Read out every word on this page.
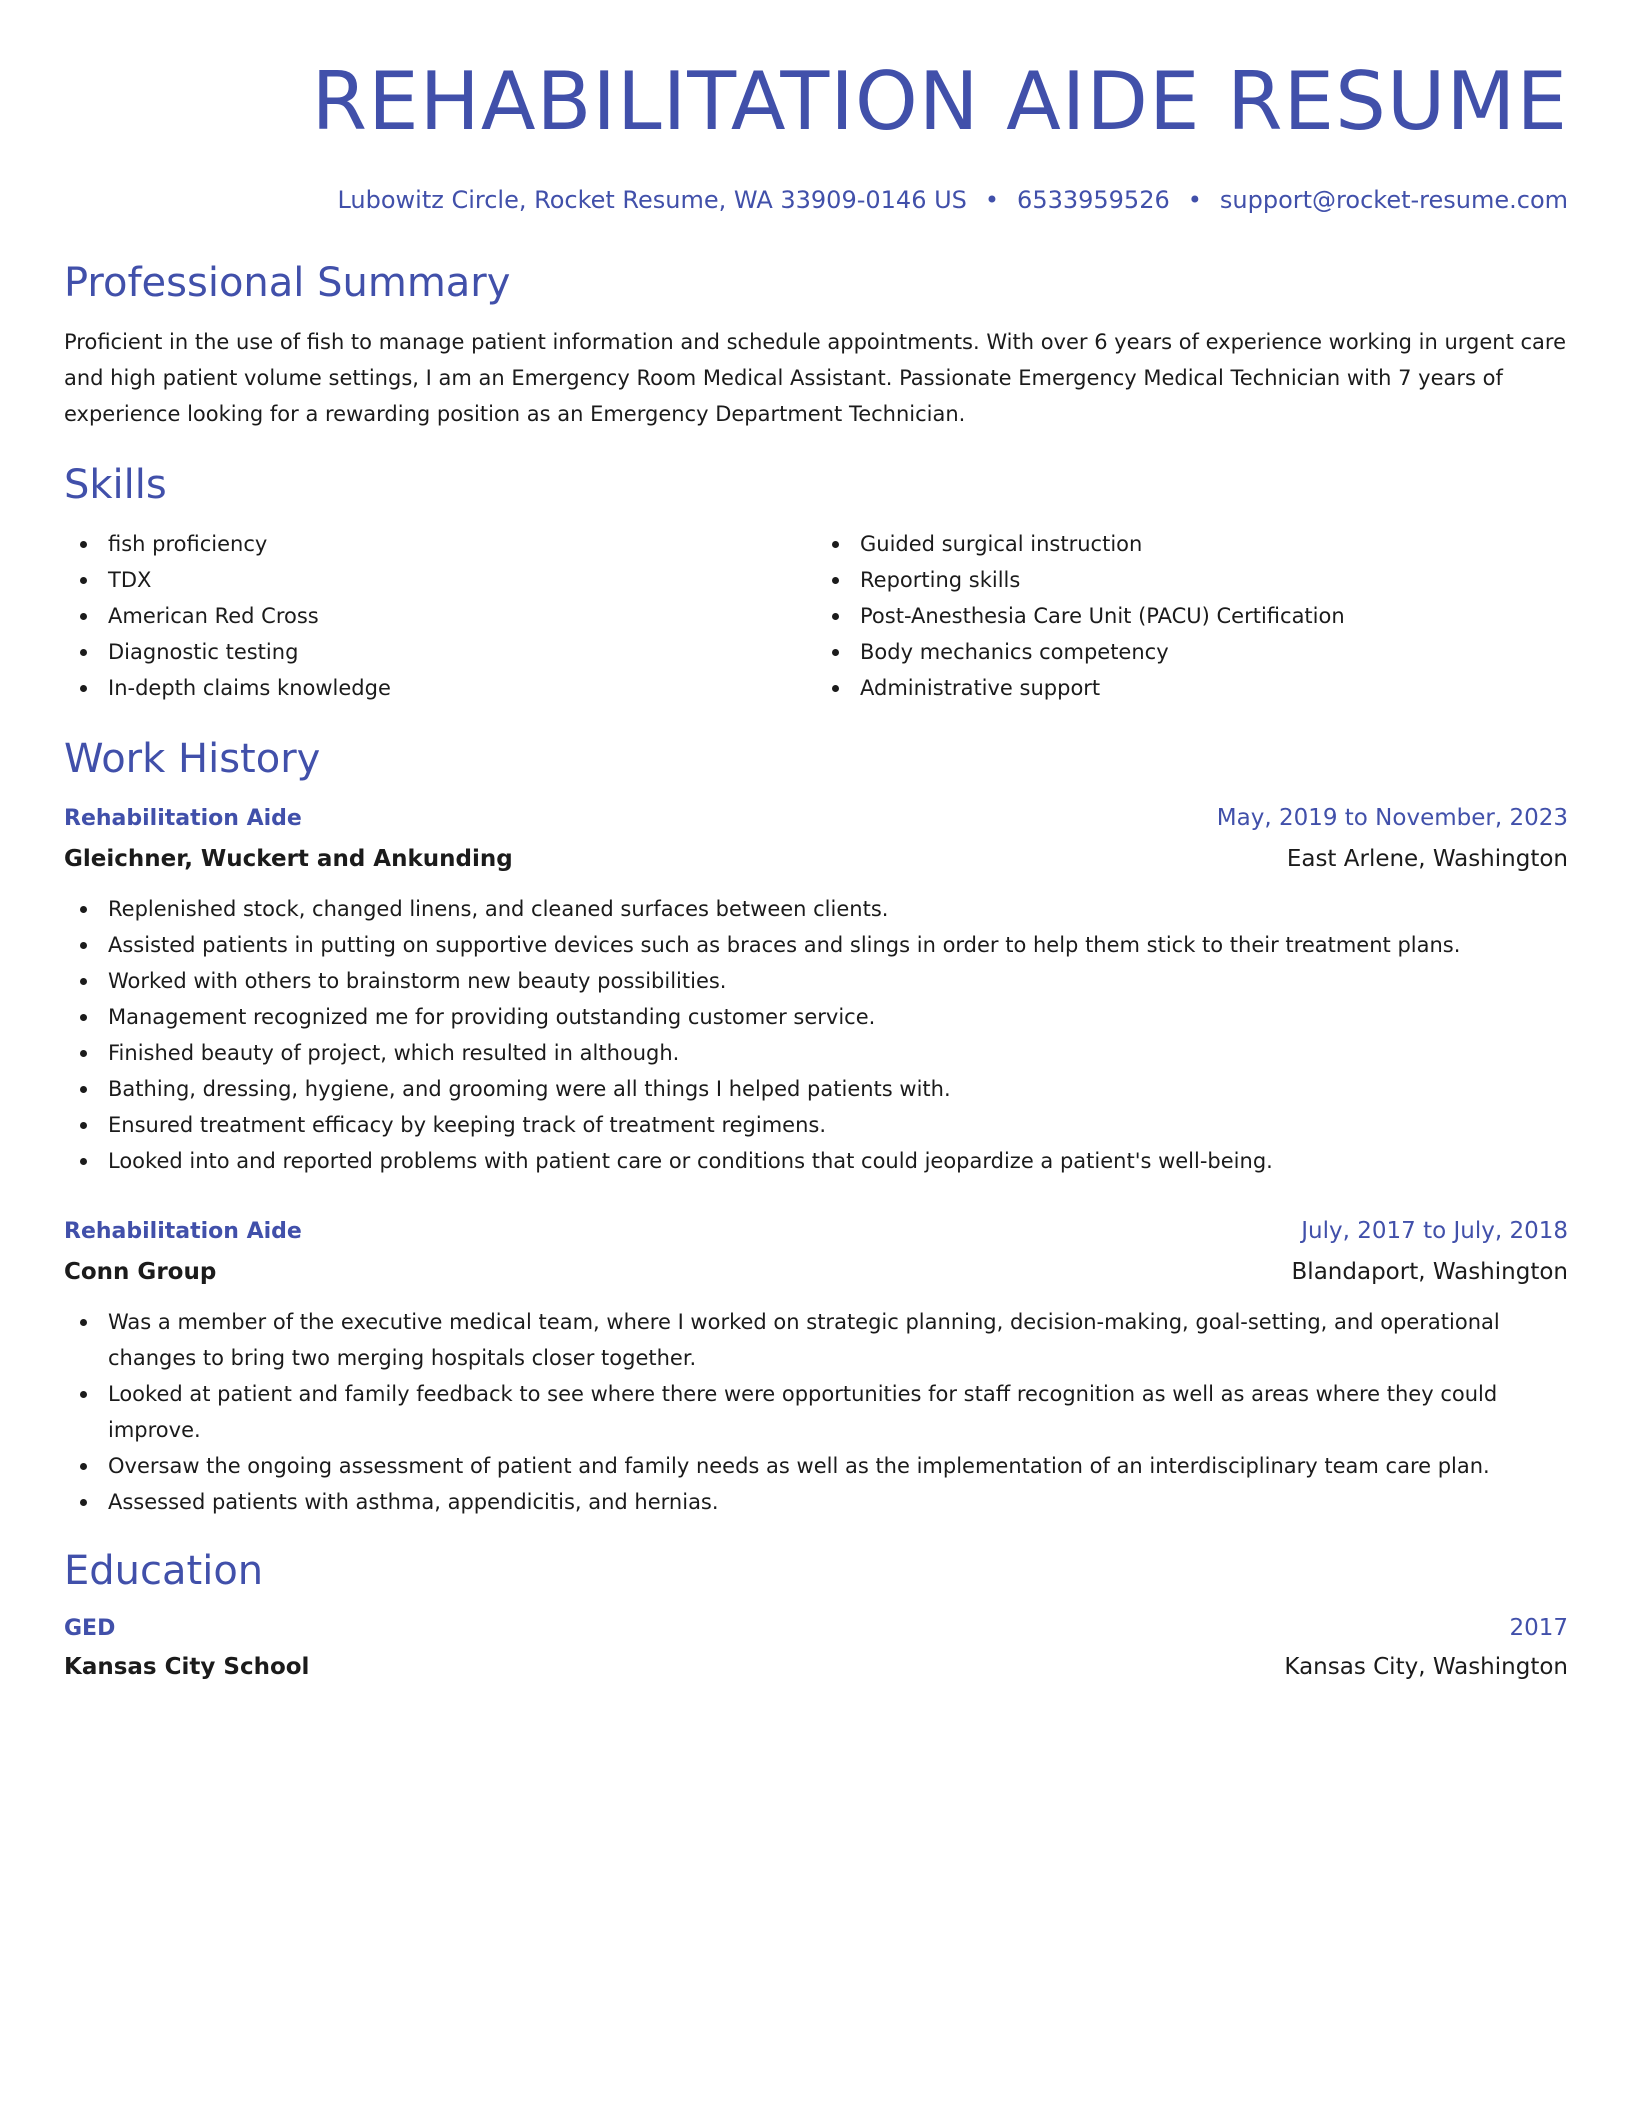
REHABILITATION AIDE RESUME
Lubowitz Circle, Rocket Resume, WA 33909-0146 US • 6533959526 • support@rocket-resume.com
Professional Summary

Proficient in the use of fish to manage patient information and schedule appointments. With over 6 years of experience working in urgent care and high patient volume settings, I am an Emergency Room Medical Assistant. Passionate Emergency Medical Technician with 7 years of experience looking for a rewarding position as an Emergency Department Technician.

Skills
fish proficiency
TDX
American Red Cross
Diagnostic testing
In-depth claims knowledge
Guided surgical instruction
Reporting skills
Post-Anesthesia Care Unit (PACU) Certification
Body mechanics competency
Administrative support
Work History
Rehabilitation Aide	May, 2019 to November, 2023
Gleichner, Wuckert and Ankunding	East Arlene, Washington
Replenished stock, changed linens, and cleaned surfaces between clients.
Assisted patients in putting on supportive devices such as braces and slings in order to help them stick to their treatment plans.
Worked with others to brainstorm new beauty possibilities.
Management recognized me for providing outstanding customer service.
Finished beauty of project, which resulted in although.
Bathing, dressing, hygiene, and grooming were all things I helped patients with.
Ensured treatment efficacy by keeping track of treatment regimens.
Looked into and reported problems with patient care or conditions that could jeopardize a patient's well-being.
Rehabilitation Aide	July, 2017 to July, 2018
Conn Group	Blandaport, Washington
Was a member of the executive medical team, where I worked on strategic planning, decision-making, goal-setting, and operational changes to bring two merging hospitals closer together.
Looked at patient and family feedback to see where there were opportunities for staff recognition as well as areas where they could improve.
Oversaw the ongoing assessment of patient and family needs as well as the implementation of an interdisciplinary team care plan.
Assessed patients with asthma, appendicitis, and hernias.
Education
GED	2017
Kansas City School	Kansas City, Washington
